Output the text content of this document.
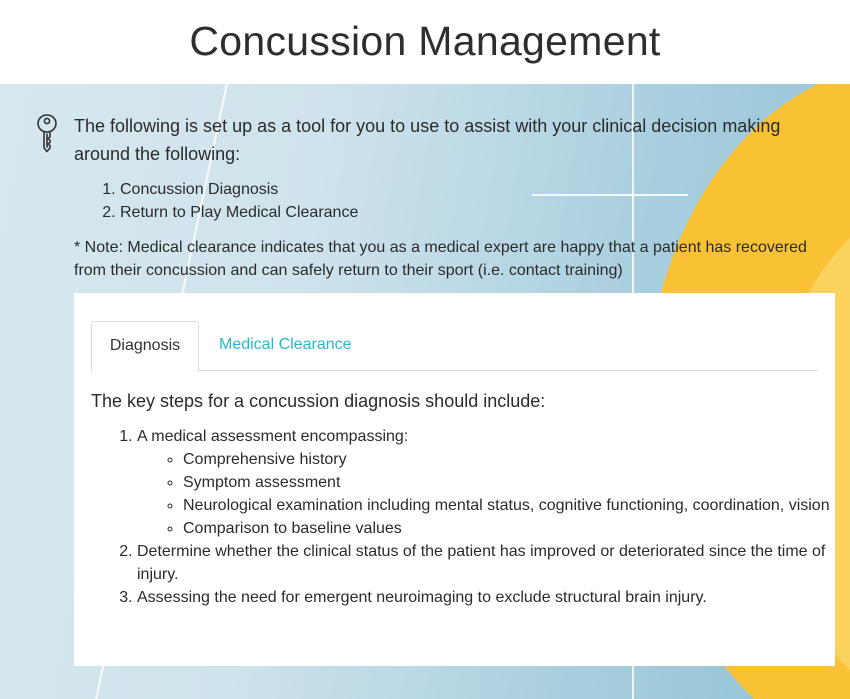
Concussion Management

The following is set up as a tool for you to use to assist with your clinical decision making around the following:

1. Concussion Diagnosis
2. Return to Play Medical Clearance

* Note: Medical clearance indicates that you as a medical expert are happy that a patient has recovered from their concussion and can safely return to their sport (i.e. contact training)

Diagnosis	Medical Clearance
The key steps for a concussion diagnosis should include:
1. A medical assessment encompassing:
◦ Comprehensive history
◦ Symptom assessment
◦ Neurological examination including mental status, cognitive functioning, coordination, vision
◦ Comparison to baseline values
2. Determine whether the clinical status of the patient has improved or deteriorated since the time of injury.
3. Assessing the need for emergent neuroimaging to exclude structural brain injury.
